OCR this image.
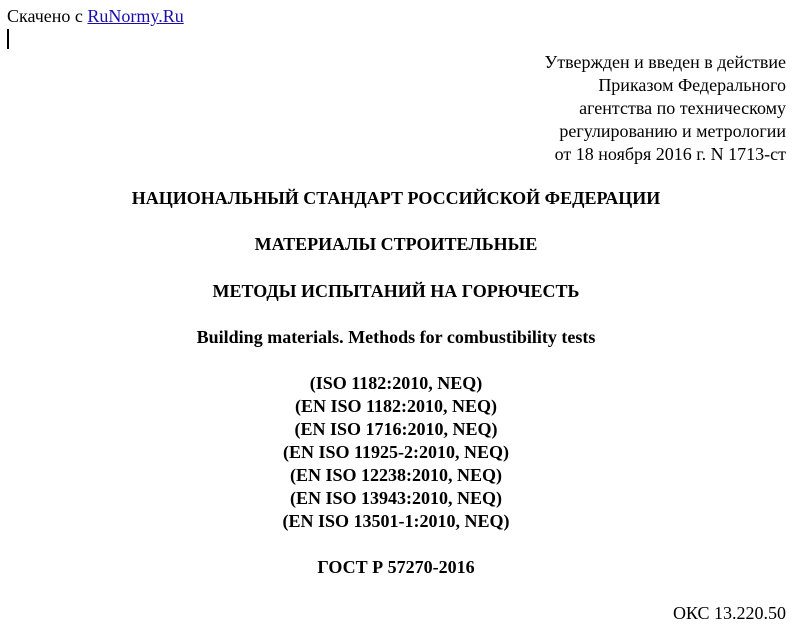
Скачено с RuNormy.Ru
Утвержден и введен в действие
Приказом Федерального
агентства по техническому
регулированию и метрологии
от 18 ноября 2016 г. N 1713-ст
НАЦИОНАЛЬНЫЙ СТАНДАРТ РОССИЙСКОЙ ФЕДЕРАЦИИ
МАТЕРИАЛЫ СТРОИТЕЛЬНЫЕ
МЕТОДЫ ИСПЫТАНИЙ НА ГОРЮЧЕСТЬ
Building materials. Methods for combustibility tests
(ISO 1182:2010, NEQ)
(EN ISO 1182:2010, NEQ)
(EN ISO 1716:2010, NEQ)
(EN ISO 11925-2:2010, NEQ)
(EN ISO 12238:2010, NEQ)
(EN ISO 13943:2010, NEQ)
(EN ISO 13501-1:2010, NEQ)
ГОСТ Р 57270-2016
ОКС 13.220.50
